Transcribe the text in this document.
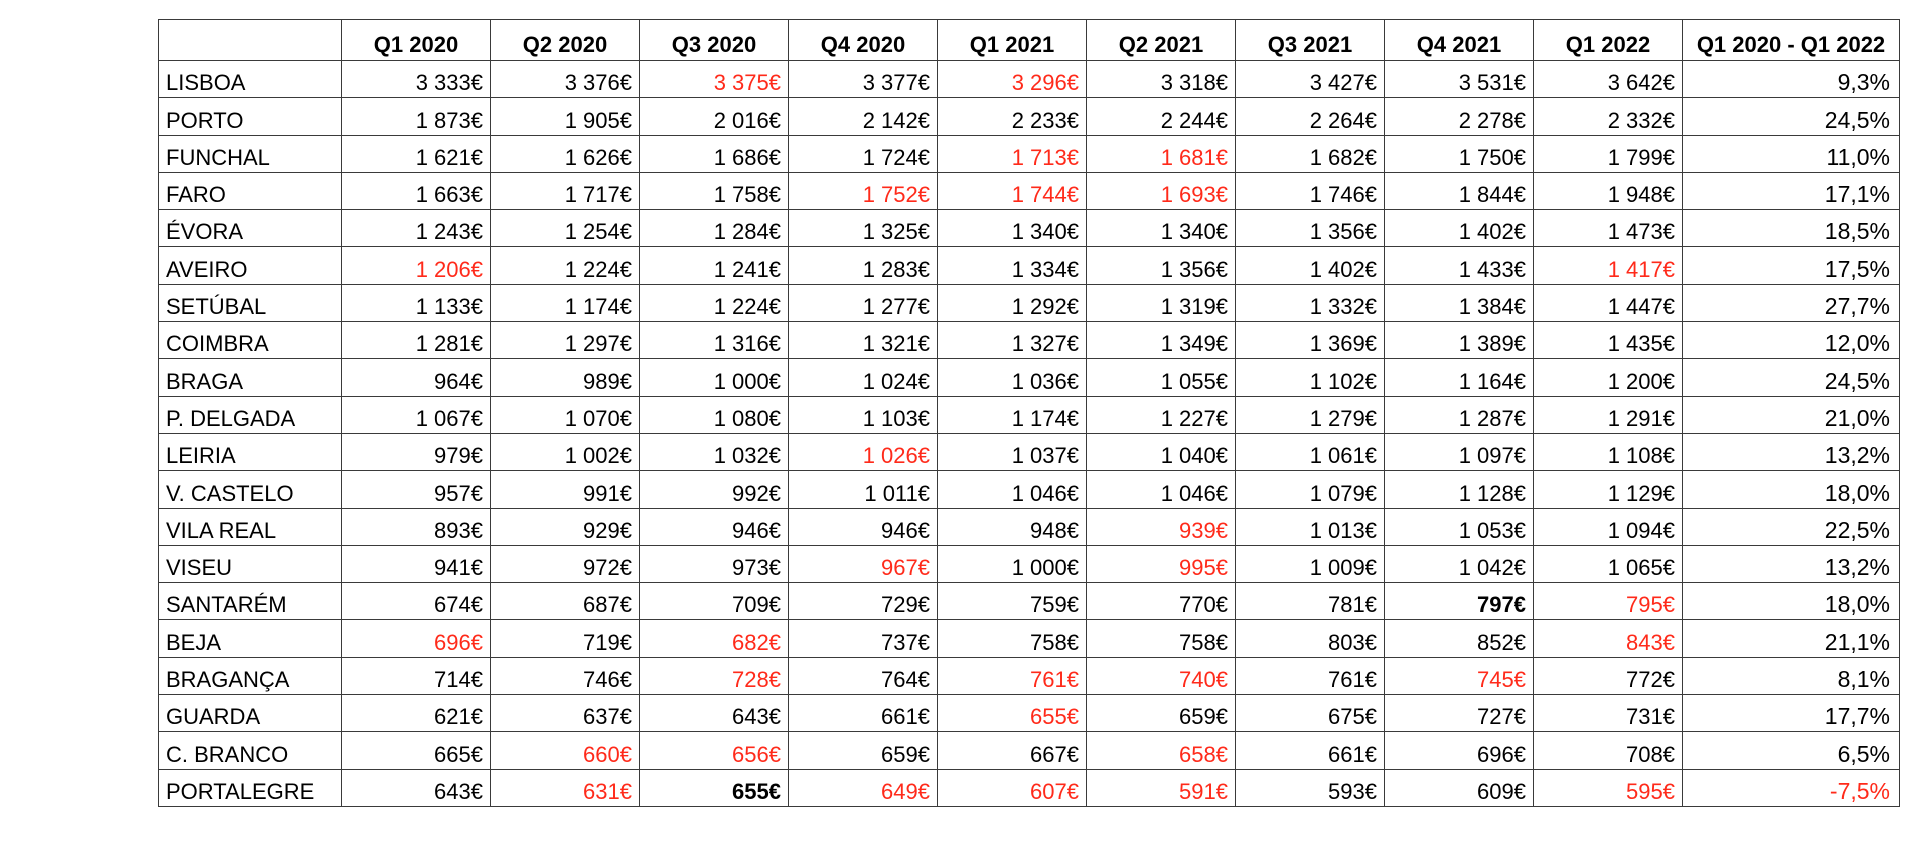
	Q1 2020	Q2 2020	Q3 2020	Q4 2020	Q1 2021	Q2 2021	Q3 2021	Q4 2021	Q1 2022	Q1 2020 - Q1 2022
LISBOA	3 333€	3 376€	3 375€	3 377€	3 296€	3 318€	3 427€	3 531€	3 642€	9,3%
PORTO	1 873€	1 905€	2 016€	2 142€	2 233€	2 244€	2 264€	2 278€	2 332€	24,5%
FUNCHAL	1 621€	1 626€	1 686€	1 724€	1 713€	1 681€	1 682€	1 750€	1 799€	11,0%
FARO	1 663€	1 717€	1 758€	1 752€	1 744€	1 693€	1 746€	1 844€	1 948€	17,1%
ÉVORA	1 243€	1 254€	1 284€	1 325€	1 340€	1 340€	1 356€	1 402€	1 473€	18,5%
AVEIRO	1 206€	1 224€	1 241€	1 283€	1 334€	1 356€	1 402€	1 433€	1 417€	17,5%
SETÚBAL	1 133€	1 174€	1 224€	1 277€	1 292€	1 319€	1 332€	1 384€	1 447€	27,7%
COIMBRA	1 281€	1 297€	1 316€	1 321€	1 327€	1 349€	1 369€	1 389€	1 435€	12,0%
BRAGA	964€	989€	1 000€	1 024€	1 036€	1 055€	1 102€	1 164€	1 200€	24,5%
P. DELGADA	1 067€	1 070€	1 080€	1 103€	1 174€	1 227€	1 279€	1 287€	1 291€	21,0%
LEIRIA	979€	1 002€	1 032€	1 026€	1 037€	1 040€	1 061€	1 097€	1 108€	13,2%
V. CASTELO	957€	991€	992€	1 011€	1 046€	1 046€	1 079€	1 128€	1 129€	18,0%
VILA REAL	893€	929€	946€	946€	948€	939€	1 013€	1 053€	1 094€	22,5%
VISEU	941€	972€	973€	967€	1 000€	995€	1 009€	1 042€	1 065€	13,2%
SANTARÉM	674€	687€	709€	729€	759€	770€	781€	797€	795€	18,0%
BEJA	696€	719€	682€	737€	758€	758€	803€	852€	843€	21,1%
BRAGANÇA	714€	746€	728€	764€	761€	740€	761€	745€	772€	8,1%
GUARDA	621€	637€	643€	661€	655€	659€	675€	727€	731€	17,7%
C. BRANCO	665€	660€	656€	659€	667€	658€	661€	696€	708€	6,5%
PORTALEGRE	643€	631€	655€	649€	607€	591€	593€	609€	595€	-7,5%
